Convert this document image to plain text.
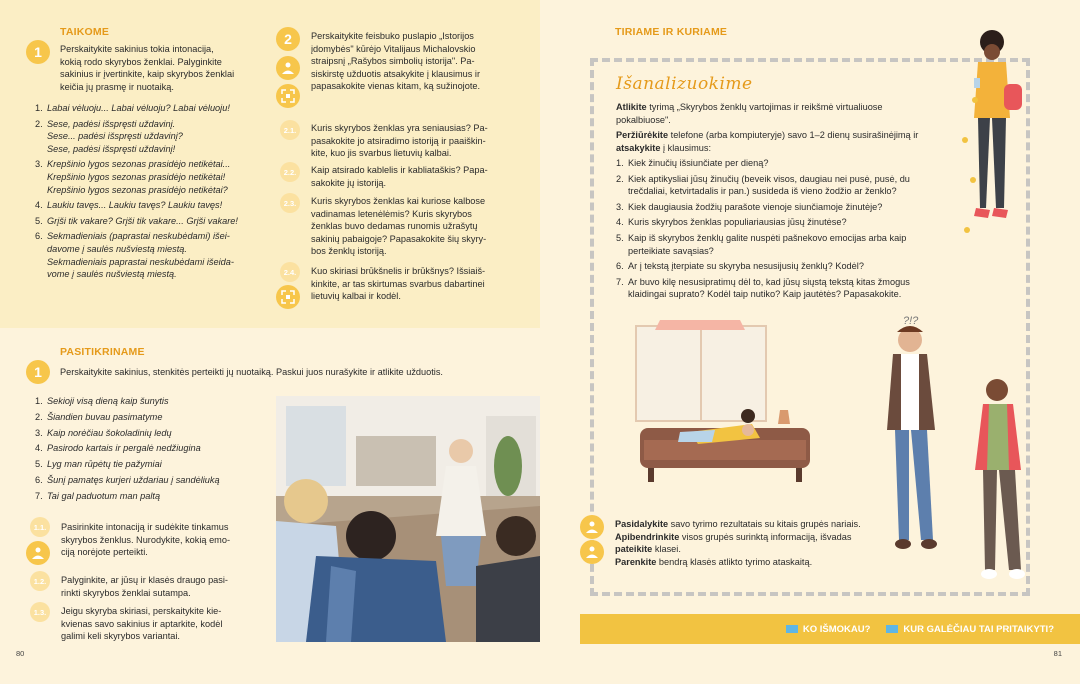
TAIKOME
1	Perskaitykite sakinius tokia intonacija,
kokią rodo skyrybos ženklai. Palyginkite
sakinius ir įvertinkite, kaip skyrybos ženklai
keičia jų prasmę ir nuotaiką.
1. Labai vėluoju... Labai vėluoju? Labai vėluoju!
2. Sese, padėsi išspręsti uždavinį.
Sese... padėsi išspręsti uždavinį?
Sese, padėsi išspręsti uždavinį!
3. Krepšinio lygos sezonas prasidėjo netikėtai...
Krepšinio lygos sezonas prasidėjo netikėtai!
Krepšinio lygos sezonas prasidėjo netikėtai?
4. Laukiu tavęs... Laukiu tavęs? Laukiu tavęs!
5. Grįši tik vakare? Grįši tik vakare... Grįši vakare!
6. Sekmadieniais (paprastai neskubėdami) išei-
davome į saulės nušviestą miestą.
Sekmadieniais paprastai neskubėdami išeida-
vome į saulės nušviestą miestą.
2	Perskaitykite feisbuko puslapio „Istorijos
įdomybės" kūrėjo Vitalijaus Michalovskio
straipsnį „Rašybos simbolių istorija". Pa-
siskirstę užduotis atsakykite į klausimus ir
papasakokite vienas kitam, ką sužinojote.
2.1.	Kuris skyrybos ženklas yra seniausias? Pa-
pasakokite jo atsiradimo istoriją ir paaiškin-
kite, kuo jis svarbus lietuvių kalbai.
2.2.	Kaip atsirado kablelis ir kabliataškis? Papa-
sakokite jų istoriją.
2.3.	Kuris skyrybos ženklas kai kuriose kalbose
vadinamas letenėlėmis? Kuris skyrybos
ženklas buvo dedamas runomis užrašytų
sakinių pabaigoje? Papasakokite šių skyry-
bos ženklų istoriją.
2.4.	Kuo skiriasi brūkšnelis ir brūkšnys? Išsiaiš-
kinkite, ar tas skirtumas svarbus dabartinei
lietuvių kalbai ir kodėl.
PASITIKRINAME
1	Perskaitykite sakinius, stenkitės perteikti jų nuotaiką. Paskui juos nurašykite ir atlikite užduotis.
1. Sekioji visą dieną kaip šunytis
2. Šiandien buvau pasimatyme
3. Kaip norėčiau šokoladinių ledų
4. Pasirodo kartais ir pergalė nedžiugina
5. Lyg man rūpėtų tie pažymiai
6. Šunį pamatęs kurjeri uždariau į sandėliuką
7. Tai gal paduotum man paltą
1.1.	Pasirinkite intonaciją ir sudėkite tinkamus
skyrybos ženklus. Nurodykite, kokią emo-
ciją norėjote perteikti.
1.2.	Palyginkite, ar jūsų ir klasės draugo pasi-
rinkti skyrybos ženklai sutampa.
1.3.	Jeigu skyryba skiriasi, perskaitykite kie-
kvienas savo sakinius ir aptarkite, kodėl
galimi keli skyrybos variantai.
80
TIRIAME IR KURIAME
Išanalizuokime
Atlikite tyrimą „Skyrybos ženklų vartojimas ir reikšmė virtualiuose
pokalbiuose".
Peržiūrėkite telefone (arba kompiuteryje) savo 1–2 dienų susirašinėjimą ir
atsakykite į klausimus:
1. Kiek žinučių išsiunčiate per dieną?
2. Kiek aptikysliai jūsų žinučių (beveik visos, daugiau nei pusė, pusė, du
trečdaliai, ketvirtadalis ir pan.) susideda iš vieno žodžio ar ženklo?
3. Kiek daugiausia žodžių parašote vienoje siunčiamoje žinutėje?
4. Kuris skyrybos ženklas populiariausias jūsų žinutėse?
5. Kaip iš skyrybos ženklų galite nuspėti pašnekovo emocijas arba kaip
perteikiate savąsias?
6. Ar į tekstą įterpiate su skyryba nesusijusių ženklų? Kodėl?
7. Ar buvo kilę nesusipratimų dėl to, kad jūsų siųstą tekstą kitas žmogus
klaidingai suprato? Kodėl taip nutiko? Kaip jautėtės? Papasakokite.
?!?
Pasidalykite savo tyrimo rezultatais su kitais grupės nariais.
Apibendrinkite visos grupės surinktą informaciją, išvadas
pateikite klasei.
Parenkite bendrą klasės atlikto tyrimo ataskaitą.
KO IŠMOKAU?	KUR GALĖČIAU TAI PRITAIKYTI?
81
